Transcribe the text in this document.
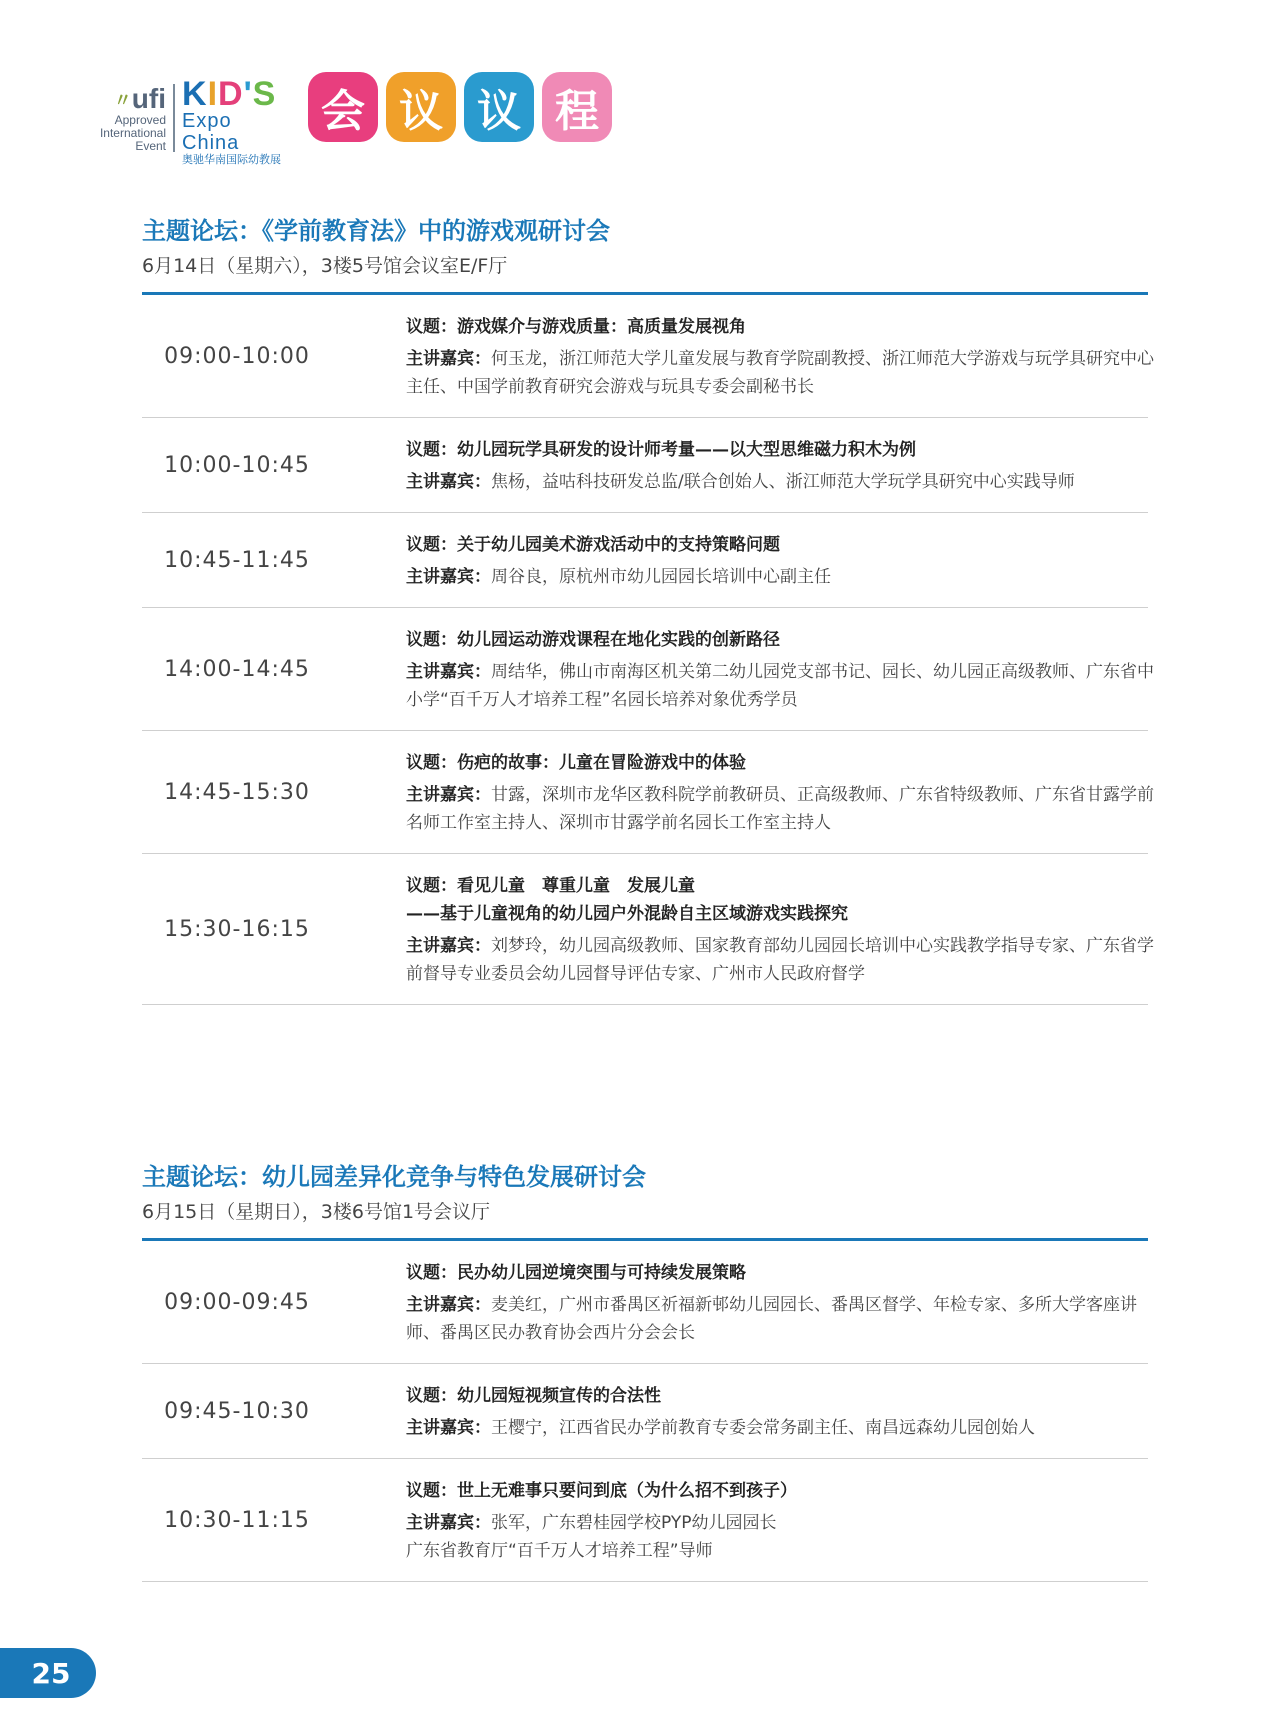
〃ufi
Approved
International
Event
KID'S
Expo China
奥驰华南国际幼教展
会 议 议 程
主题论坛：《学前教育法》中的游戏观研讨会
6月14日（星期六），3楼5号馆会议室E/F厅
09:00-10:00
议题：游戏媒介与游戏质量：高质量发展视角
主讲嘉宾：何玉龙，浙江师范大学儿童发展与教育学院副教授、浙江师范大学游戏与玩学具研究中心主任、中国学前教育研究会游戏与玩具专委会副秘书长
10:00-10:45
议题：幼儿园玩学具研发的设计师考量——以大型思维磁力积木为例
主讲嘉宾：焦杨，益咕科技研发总监/联合创始人、浙江师范大学玩学具研究中心实践导师
10:45-11:45
议题：关于幼儿园美术游戏活动中的支持策略问题
主讲嘉宾：周谷良，原杭州市幼儿园园长培训中心副主任
14:00-14:45
议题：幼儿园运动游戏课程在地化实践的创新路径
主讲嘉宾：周结华，佛山市南海区机关第二幼儿园党支部书记、园长、幼儿园正高级教师、广东省中小学“百千万人才培养工程”名园长培养对象优秀学员
14:45-15:30
议题：伤疤的故事：儿童在冒险游戏中的体验
主讲嘉宾：甘露，深圳市龙华区教科院学前教研员、正高级教师、广东省特级教师、广东省甘露学前名师工作室主持人、深圳市甘露学前名园长工作室主持人
15:30-16:15
议题：看见儿童　尊重儿童　发展儿童
——基于儿童视角的幼儿园户外混龄自主区域游戏实践探究
主讲嘉宾：刘梦玲，幼儿园高级教师、国家教育部幼儿园园长培训中心实践教学指导专家、广东省学前督导专业委员会幼儿园督导评估专家、广州市人民政府督学
主题论坛：幼儿园差异化竞争与特色发展研讨会
6月15日（星期日），3楼6号馆1号会议厅
09:00-09:45
议题：民办幼儿园逆境突围与可持续发展策略
主讲嘉宾：麦美红，广州市番禺区祈福新邨幼儿园园长、番禺区督学、年检专家、多所大学客座讲师、番禺区民办教育协会西片分会会长
09:45-10:30
议题：幼儿园短视频宣传的合法性
主讲嘉宾：王樱宁，江西省民办学前教育专委会常务副主任、南昌远森幼儿园创始人
10:30-11:15
议题：世上无难事只要问到底（为什么招不到孩子）
主讲嘉宾：张军，广东碧桂园学校PYP幼儿园园长
广东省教育厅“百千万人才培养工程”导师
25
